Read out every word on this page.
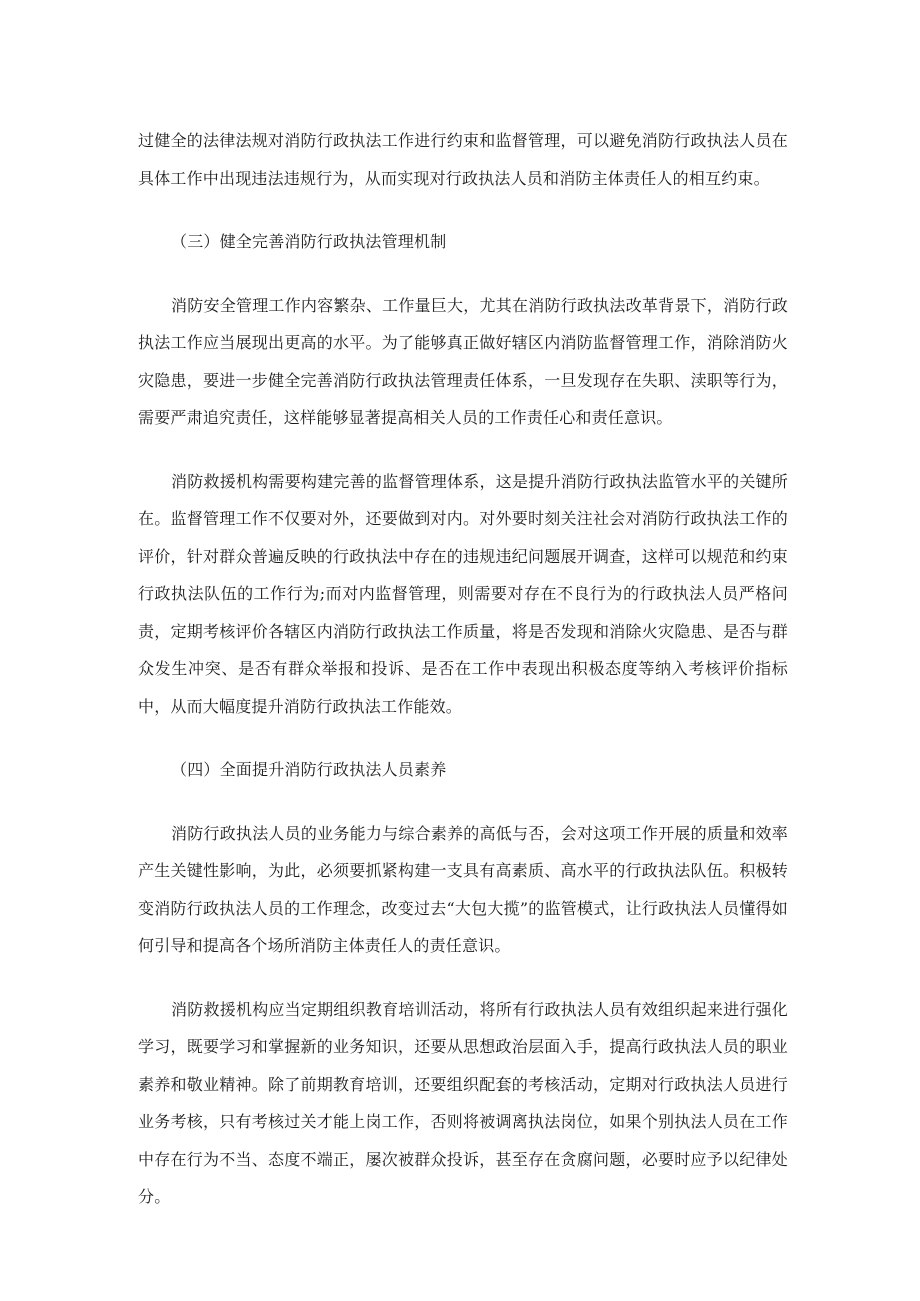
过健全的法律法规对消防行政执法工作进行约束和监督管理，可以避免消防行政执法人员在具体工作中出现违法违规行为，从而实现对行政执法人员和消防主体责任人的相互约束。

（三）健全完善消防行政执法管理机制

消防安全管理工作内容繁杂、工作量巨大，尤其在消防行政执法改革背景下，消防行政执法工作应当展现出更高的水平。为了能够真正做好辖区内消防监督管理工作，消除消防火灾隐患，要进一步健全完善消防行政执法管理责任体系，一旦发现存在失职、渎职等行为，需要严肃追究责任，这样能够显著提高相关人员的工作责任心和责任意识。

消防救援机构需要构建完善的监督管理体系，这是提升消防行政执法监管水平的关键所在。监督管理工作不仅要对外，还要做到对内。对外要时刻关注社会对消防行政执法工作的评价，针对群众普遍反映的行政执法中存在的违规违纪问题展开调查，这样可以规范和约束行政执法队伍的工作行为;而对内监督管理，则需要对存在不良行为的行政执法人员严格问责，定期考核评价各辖区内消防行政执法工作质量，将是否发现和消除火灾隐患、是否与群众发生冲突、是否有群众举报和投诉、是否在工作中表现出积极态度等纳入考核评价指标中，从而大幅度提升消防行政执法工作能效。

（四）全面提升消防行政执法人员素养

消防行政执法人员的业务能力与综合素养的高低与否，会对这项工作开展的质量和效率产生关键性影响，为此，必须要抓紧构建一支具有高素质、高水平的行政执法队伍。积极转变消防行政执法人员的工作理念，改变过去“大包大揽”的监管模式，让行政执法人员懂得如何引导和提高各个场所消防主体责任人的责任意识。

消防救援机构应当定期组织教育培训活动，将所有行政执法人员有效组织起来进行强化学习，既要学习和掌握新的业务知识，还要从思想政治层面入手，提高行政执法人员的职业素养和敬业精神。除了前期教育培训，还要组织配套的考核活动，定期对行政执法人员进行业务考核，只有考核过关才能上岗工作，否则将被调离执法岗位，如果个别执法人员在工作中存在行为不当、态度不端正，屡次被群众投诉，甚至存在贪腐问题，必要时应予以纪律处分。
